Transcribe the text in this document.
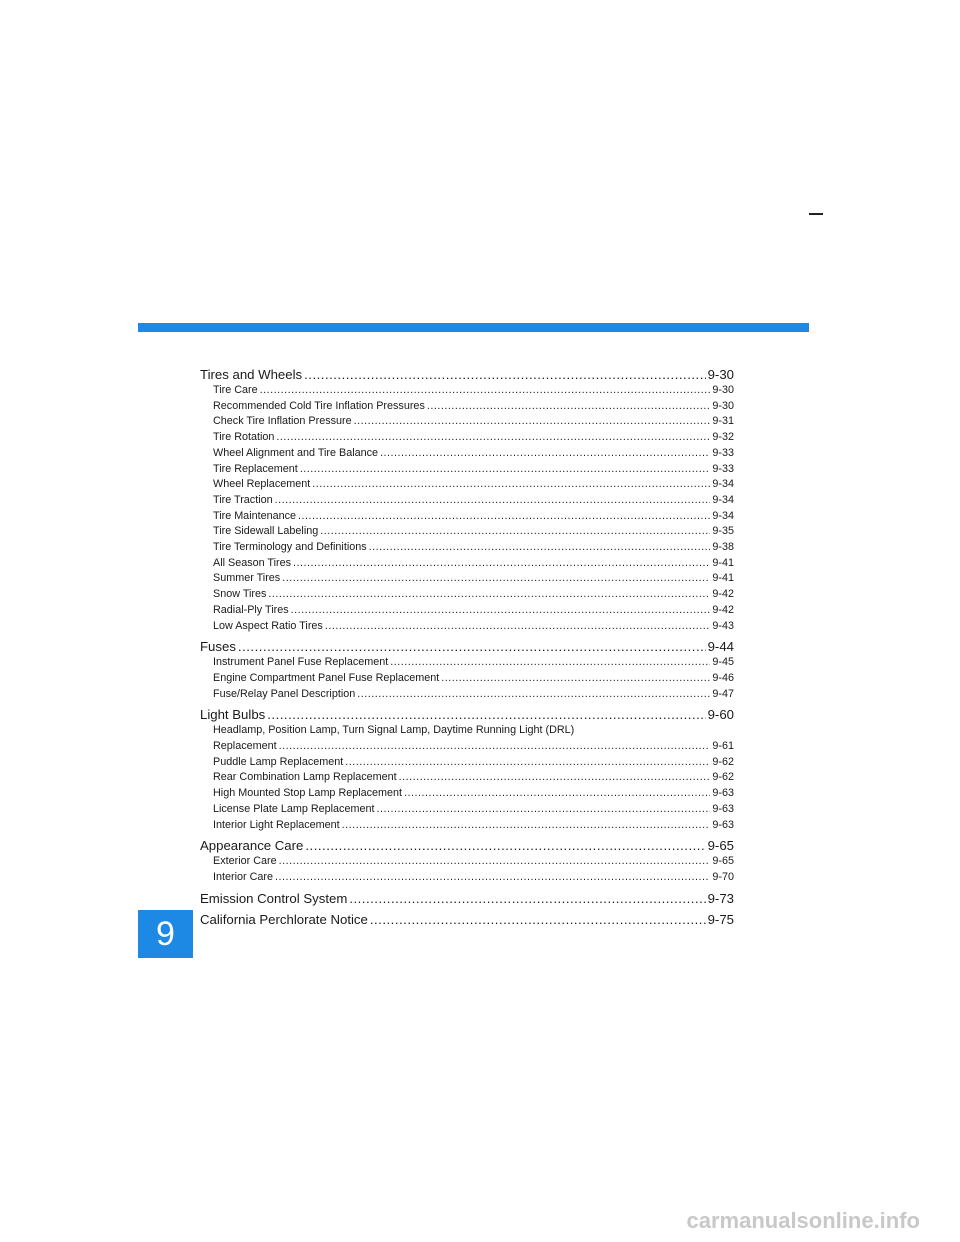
Tires and Wheels .....	9-30
Tire Care .....	9-30
Recommended Cold Tire Inflation Pressures .....	9-30
Check Tire Inflation Pressure .....	9-31
Tire Rotation .....	9-32
Wheel Alignment and Tire Balance .....	9-33
Tire Replacement .....	9-33
Wheel Replacement .....	9-34
Tire Traction .....	9-34
Tire Maintenance .....	9-34
Tire Sidewall Labeling .....	9-35
Tire Terminology and Definitions .....	9-38
All Season Tires .....	9-41
Summer Tires .....	9-41
Snow Tires .....	9-42
Radial-Ply Tires .....	9-42
Low Aspect Ratio Tires .....	9-43
Fuses .....	9-44
Instrument Panel Fuse Replacement .....	9-45
Engine Compartment Panel Fuse Replacement .....	9-46
Fuse/Relay Panel Description .....	9-47
Light Bulbs .....	9-60
Headlamp, Position Lamp, Turn Signal Lamp, Daytime Running Light (DRL)
Replacement .....	9-61
Puddle Lamp Replacement .....	9-62
Rear Combination Lamp Replacement .....	9-62
High Mounted Stop Lamp Replacement .....	9-63
License Plate Lamp Replacement .....	9-63
Interior Light Replacement .....	9-63
Appearance Care .....	9-65
Exterior Care .....	9-65
Interior Care .....	9-70
Emission Control System .....	9-73
California Perchlorate Notice .....	9-75
9
carmanualsonline.info
